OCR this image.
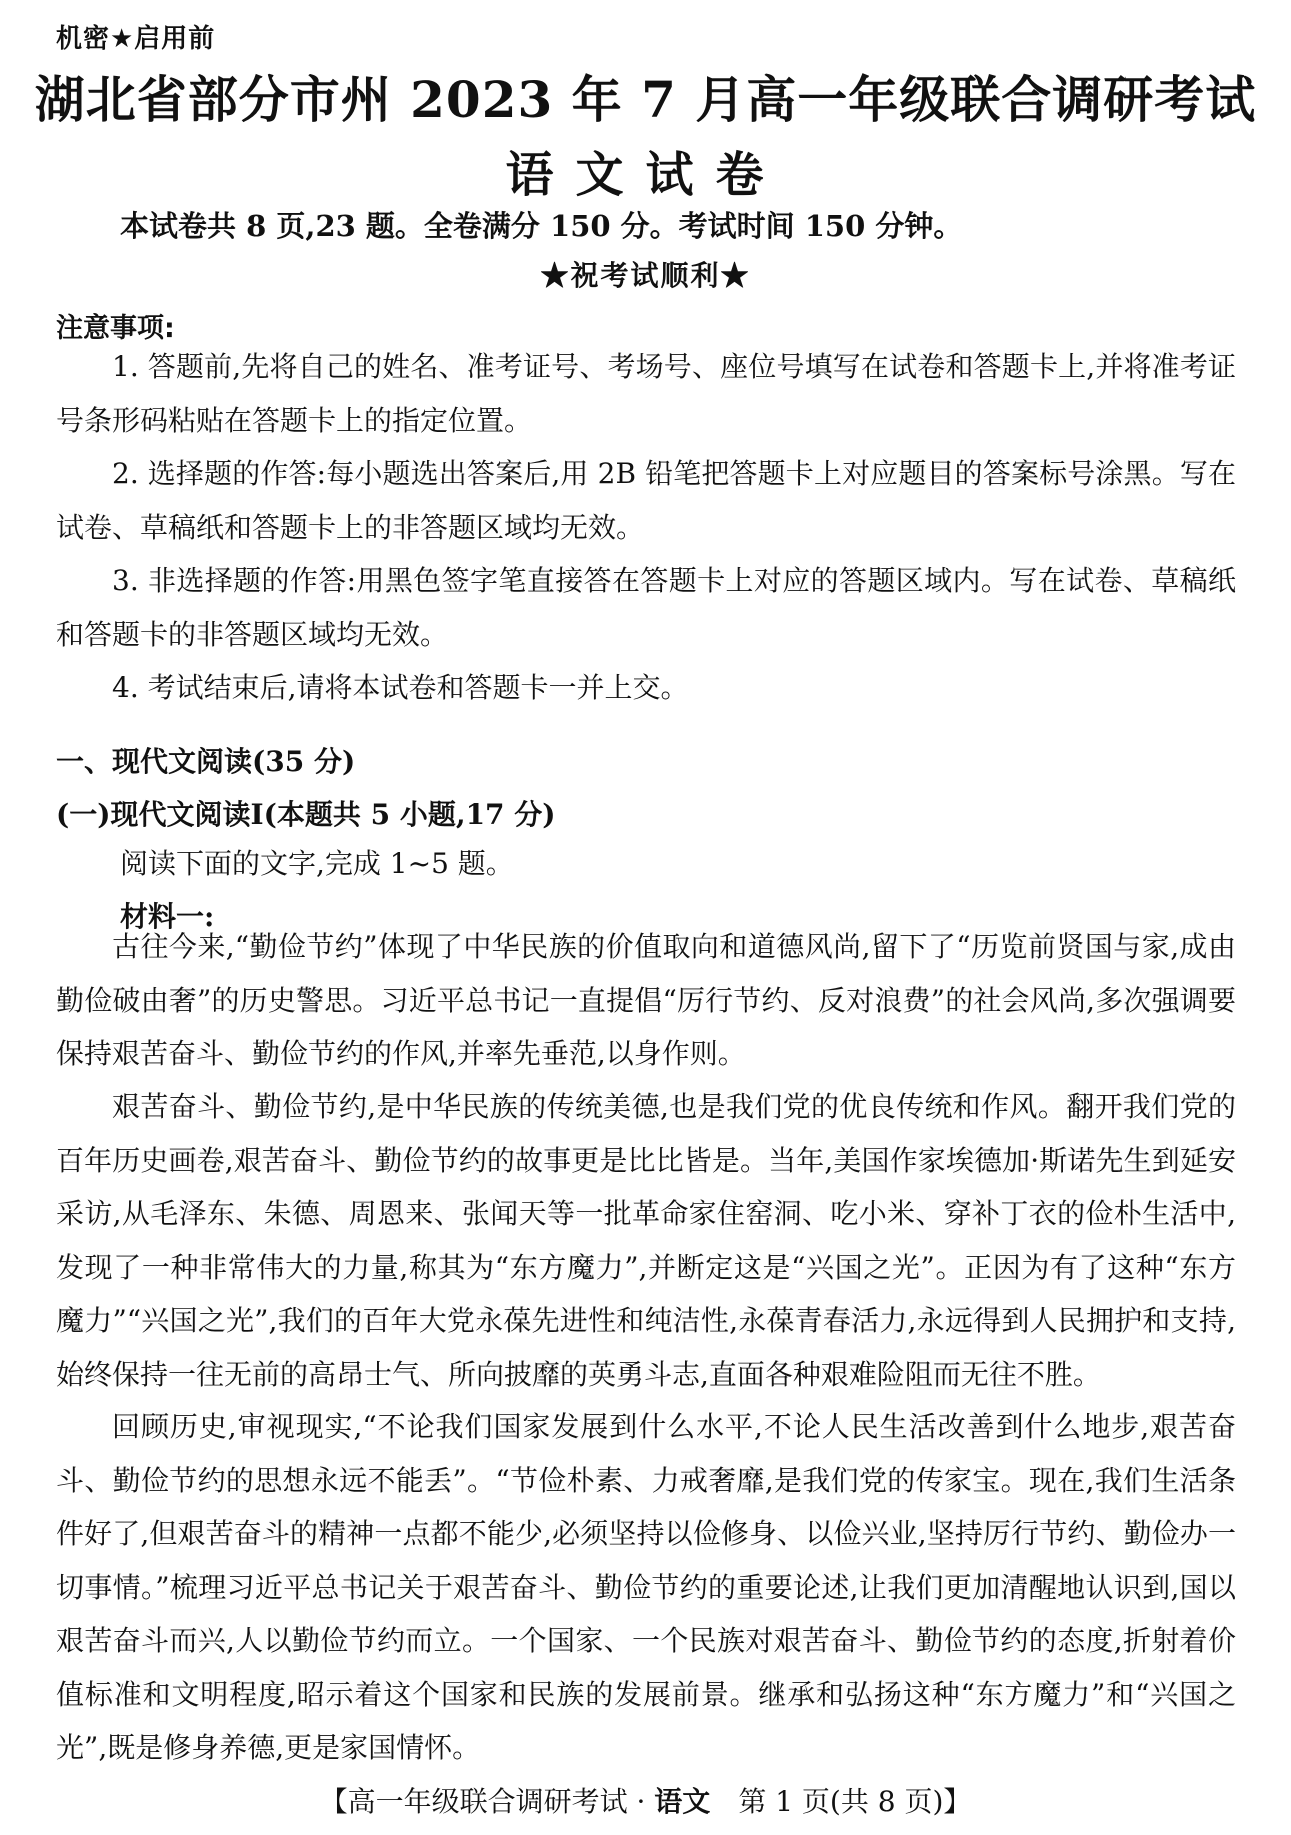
机密★启用前
湖北省部分市州 2023 年 7 月高一年级联合调研考试
语文试卷
本试卷共 8 页,23 题。全卷满分 150 分。考试时间 150 分钟。
★祝考试顺利★
注意事项:

1. 答题前,先将自己的姓名、准考证号、考场号、座位号填写在试卷和答题卡上,并将准考证号条形码粘贴在答题卡上的指定位置。

2. 选择题的作答:每小题选出答案后,用 2B 铅笔把答题卡上对应题目的答案标号涂黑。写在试卷、草稿纸和答题卡上的非答题区域均无效。

3. 非选择题的作答:用黑色签字笔直接答在答题卡上对应的答题区域内。写在试卷、草稿纸和答题卡的非答题区域均无效。

4. 考试结束后,请将本试卷和答题卡一并上交。

一、现代文阅读(35 分)
(一)现代文阅读Ⅰ(本题共 5 小题,17 分)
阅读下面的文字,完成 1~5 题。
材料一:

古往今来,“勤俭节约”体现了中华民族的价值取向和道德风尚,留下了“历览前贤国与家,成由勤俭破由奢”的历史警思。习近平总书记一直提倡“厉行节约、反对浪费”的社会风尚,多次强调要保持艰苦奋斗、勤俭节约的作风,并率先垂范,以身作则。

艰苦奋斗、勤俭节约,是中华民族的传统美德,也是我们党的优良传统和作风。翻开我们党的百年历史画卷,艰苦奋斗、勤俭节约的故事更是比比皆是。当年,美国作家埃德加·斯诺先生到延安采访,从毛泽东、朱德、周恩来、张闻天等一批革命家住窑洞、吃小米、穿补丁衣的俭朴生活中,发现了一种非常伟大的力量,称其为“东方魔力”,并断定这是“兴国之光”。正因为有了这种“东方魔力”“兴国之光”,我们的百年大党永葆先进性和纯洁性,永葆青春活力,永远得到人民拥护和支持,始终保持一往无前的高昂士气、所向披靡的英勇斗志,直面各种艰难险阻而无往不胜。

回顾历史,审视现实,“不论我们国家发展到什么水平,不论人民生活改善到什么地步,艰苦奋斗、勤俭节约的思想永远不能丢”。“节俭朴素、力戒奢靡,是我们党的传家宝。现在,我们生活条件好了,但艰苦奋斗的精神一点都不能少,必须坚持以俭修身、以俭兴业,坚持厉行节约、勤俭办一切事情。”梳理习近平总书记关于艰苦奋斗、勤俭节约的重要论述,让我们更加清醒地认识到,国以艰苦奋斗而兴,人以勤俭节约而立。一个国家、一个民族对艰苦奋斗、勤俭节约的态度,折射着价值标准和文明程度,昭示着这个国家和民族的发展前景。继承和弘扬这种“东方魔力”和“兴国之光”,既是修身养德,更是家国情怀。

【高一年级联合调研考试 · 语文　第 1 页(共 8 页)】
